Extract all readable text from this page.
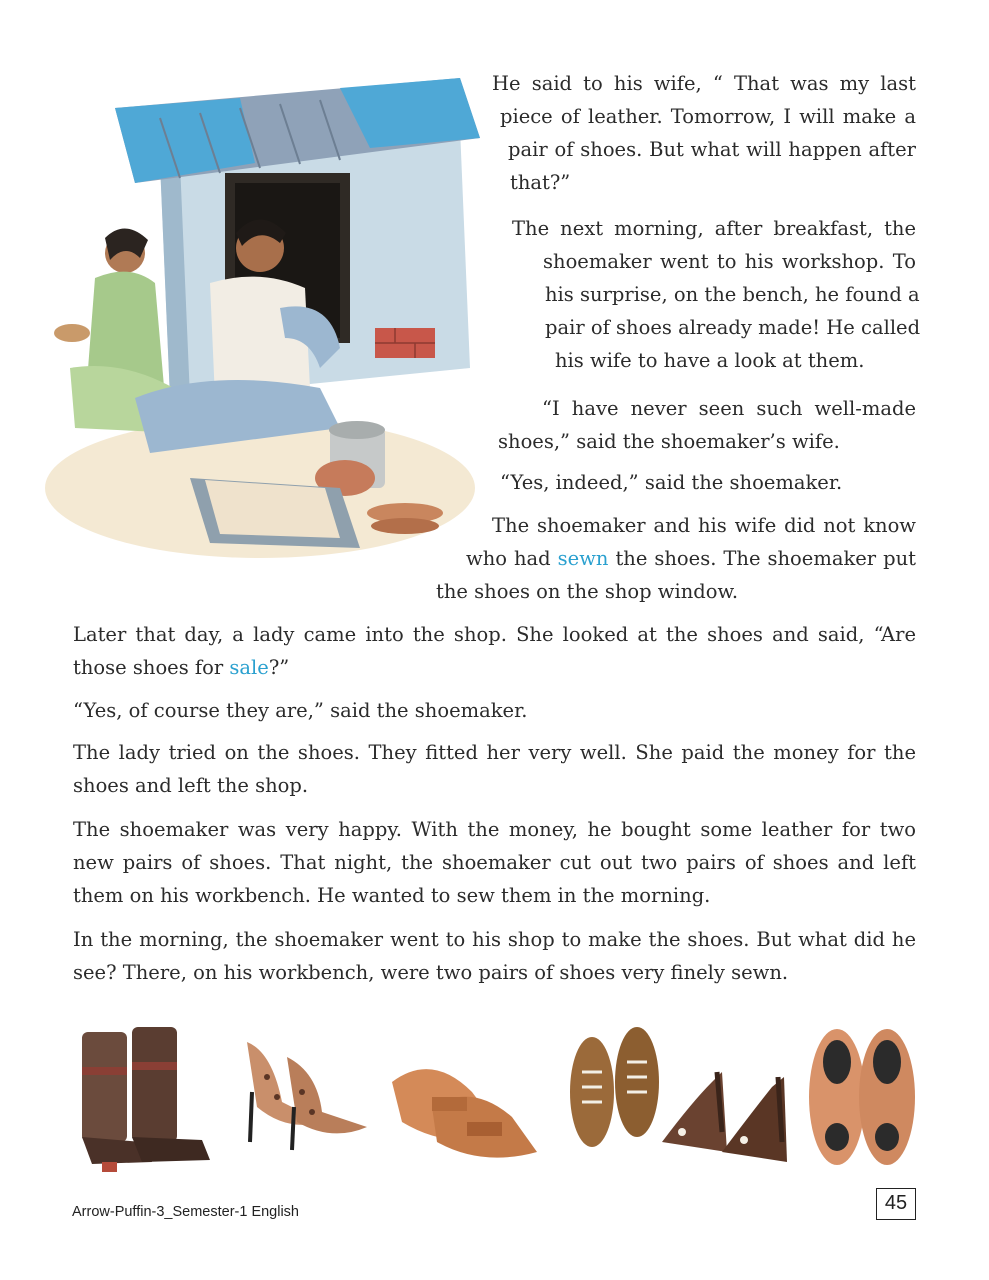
He said to his wife, “ That was my last
piece of leather. Tomorrow, I will make a
pair of shoes. But what will happen after
that?”
The next morning, after breakfast, the
shoemaker went to his workshop. To
his surprise, on the bench, he found a
pair of shoes already made! He called
his wife to have a look at them.
“I have never seen such well-made
shoes,” said the shoemaker’s wife.
“Yes, indeed,” said the shoemaker.
The shoemaker and his wife did not know
who had sewn the shoes. The shoemaker put
the shoes on the shop window.
Later that day, a lady came into the shop. She looked at the shoes and said, “Are
those shoes for sale?”
“Yes, of course they are,” said the shoemaker.
The lady tried on the shoes. They fitted her very well. She paid the money for the
shoes and left the shop.
The shoemaker was very happy. With the money, he bought some leather for two
new pairs of shoes. That night, the shoemaker cut out two pairs of shoes and left
them on his workbench. He wanted to sew them in the morning.
In the morning, the shoemaker went to his shop to make the shoes. But what did he
see? There, on his workbench, were two pairs of shoes very finely sewn.
Arrow-Puffin-3_Semester-1 English	45
